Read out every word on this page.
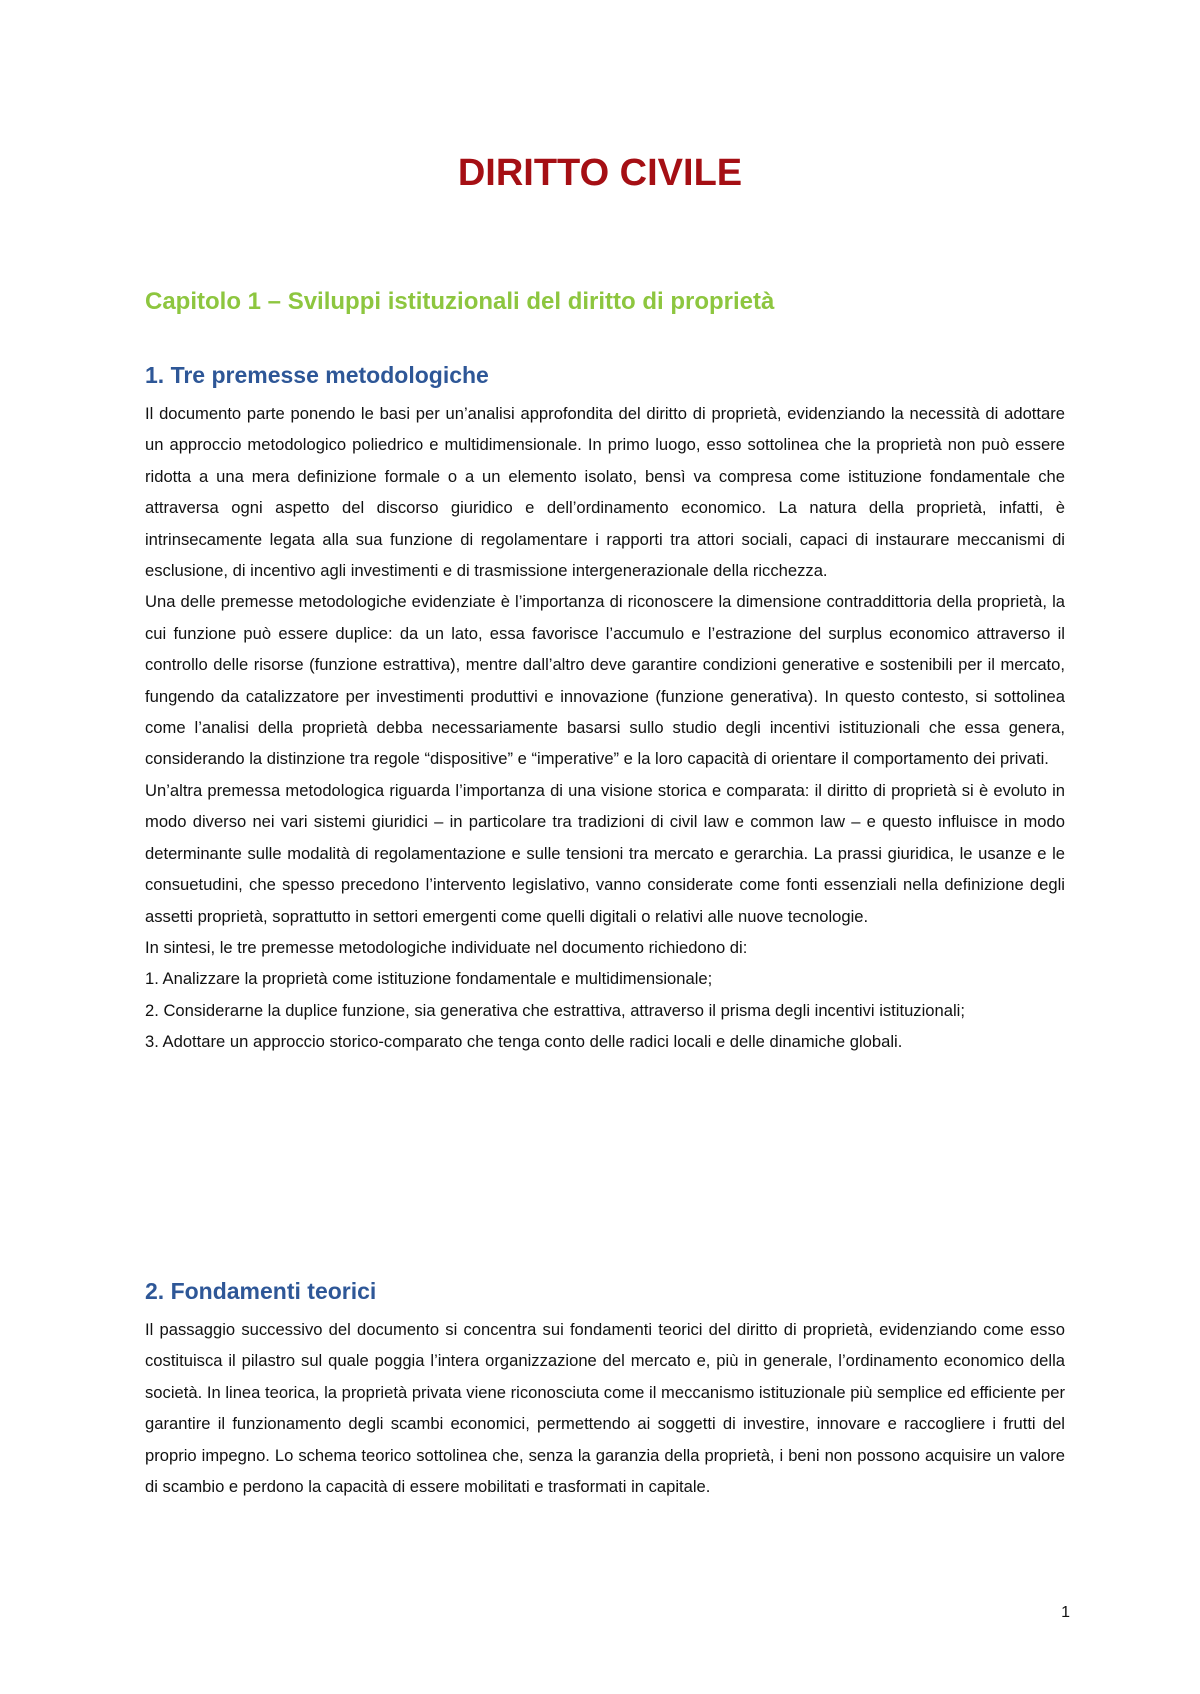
DIRITTO CIVILE
Capitolo 1 – Sviluppi istituzionali del diritto di proprietà
1. Tre premesse metodologiche

Il documento parte ponendo le basi per un’analisi approfondita del diritto di proprietà, evidenziando la necessità di adottare un approccio metodologico poliedrico e multidimensionale. In primo luogo, esso sottolinea che la proprietà non può essere ridotta a una mera definizione formale o a un elemento isolato, bensì va compresa come istituzione fondamentale che attraversa ogni aspetto del discorso giuridico e dell’ordinamento economico. La natura della proprietà, infatti, è intrinsecamente legata alla sua funzione di regolamentare i rapporti tra attori sociali, capaci di instaurare meccanismi di esclusione, di incentivo agli investimenti e di trasmissione intergenerazionale della ricchezza.

Una delle premesse metodologiche evidenziate è l’importanza di riconoscere la dimensione contraddittoria della proprietà, la cui funzione può essere duplice: da un lato, essa favorisce l’accumulo e l’estrazione del surplus economico attraverso il controllo delle risorse (funzione estrattiva), mentre dall’altro deve garantire condizioni generative e sostenibili per il mercato, fungendo da catalizzatore per investimenti produttivi e innovazione (funzione generativa). In questo contesto, si sottolinea come l’analisi della proprietà debba necessariamente basarsi sullo studio degli incentivi istituzionali che essa genera, considerando la distinzione tra regole “dispositive” e “imperative” e la loro capacità di orientare il comportamento dei privati.

Un’altra premessa metodologica riguarda l’importanza di una visione storica e comparata: il diritto di proprietà si è evoluto in modo diverso nei vari sistemi giuridici – in particolare tra tradizioni di civil law e common law – e questo influisce in modo determinante sulle modalità di regolamentazione e sulle tensioni tra mercato e gerarchia. La prassi giuridica, le usanze e le consuetudini, che spesso precedono l’intervento legislativo, vanno considerate come fonti essenziali nella definizione degli assetti proprietà, soprattutto in settori emergenti come quelli digitali o relativi alle nuove tecnologie.

In sintesi, le tre premesse metodologiche individuate nel documento richiedono di:

1. Analizzare la proprietà come istituzione fondamentale e multidimensionale;

2. Considerarne la duplice funzione, sia generativa che estrattiva, attraverso il prisma degli incentivi istituzionali;

3. Adottare un approccio storico-comparato che tenga conto delle radici locali e delle dinamiche globali.

2. Fondamenti teorici

Il passaggio successivo del documento si concentra sui fondamenti teorici del diritto di proprietà, evidenziando come esso costituisca il pilastro sul quale poggia l’intera organizzazione del mercato e, più in generale, l’ordinamento economico della società. In linea teorica, la proprietà privata viene riconosciuta come il meccanismo istituzionale più semplice ed efficiente per garantire il funzionamento degli scambi economici, permettendo ai soggetti di investire, innovare e raccogliere i frutti del proprio impegno. Lo schema teorico sottolinea che, senza la garanzia della proprietà, i beni non possono acquisire un valore di scambio e perdono la capacità di essere mobilitati e trasformati in capitale.

1
